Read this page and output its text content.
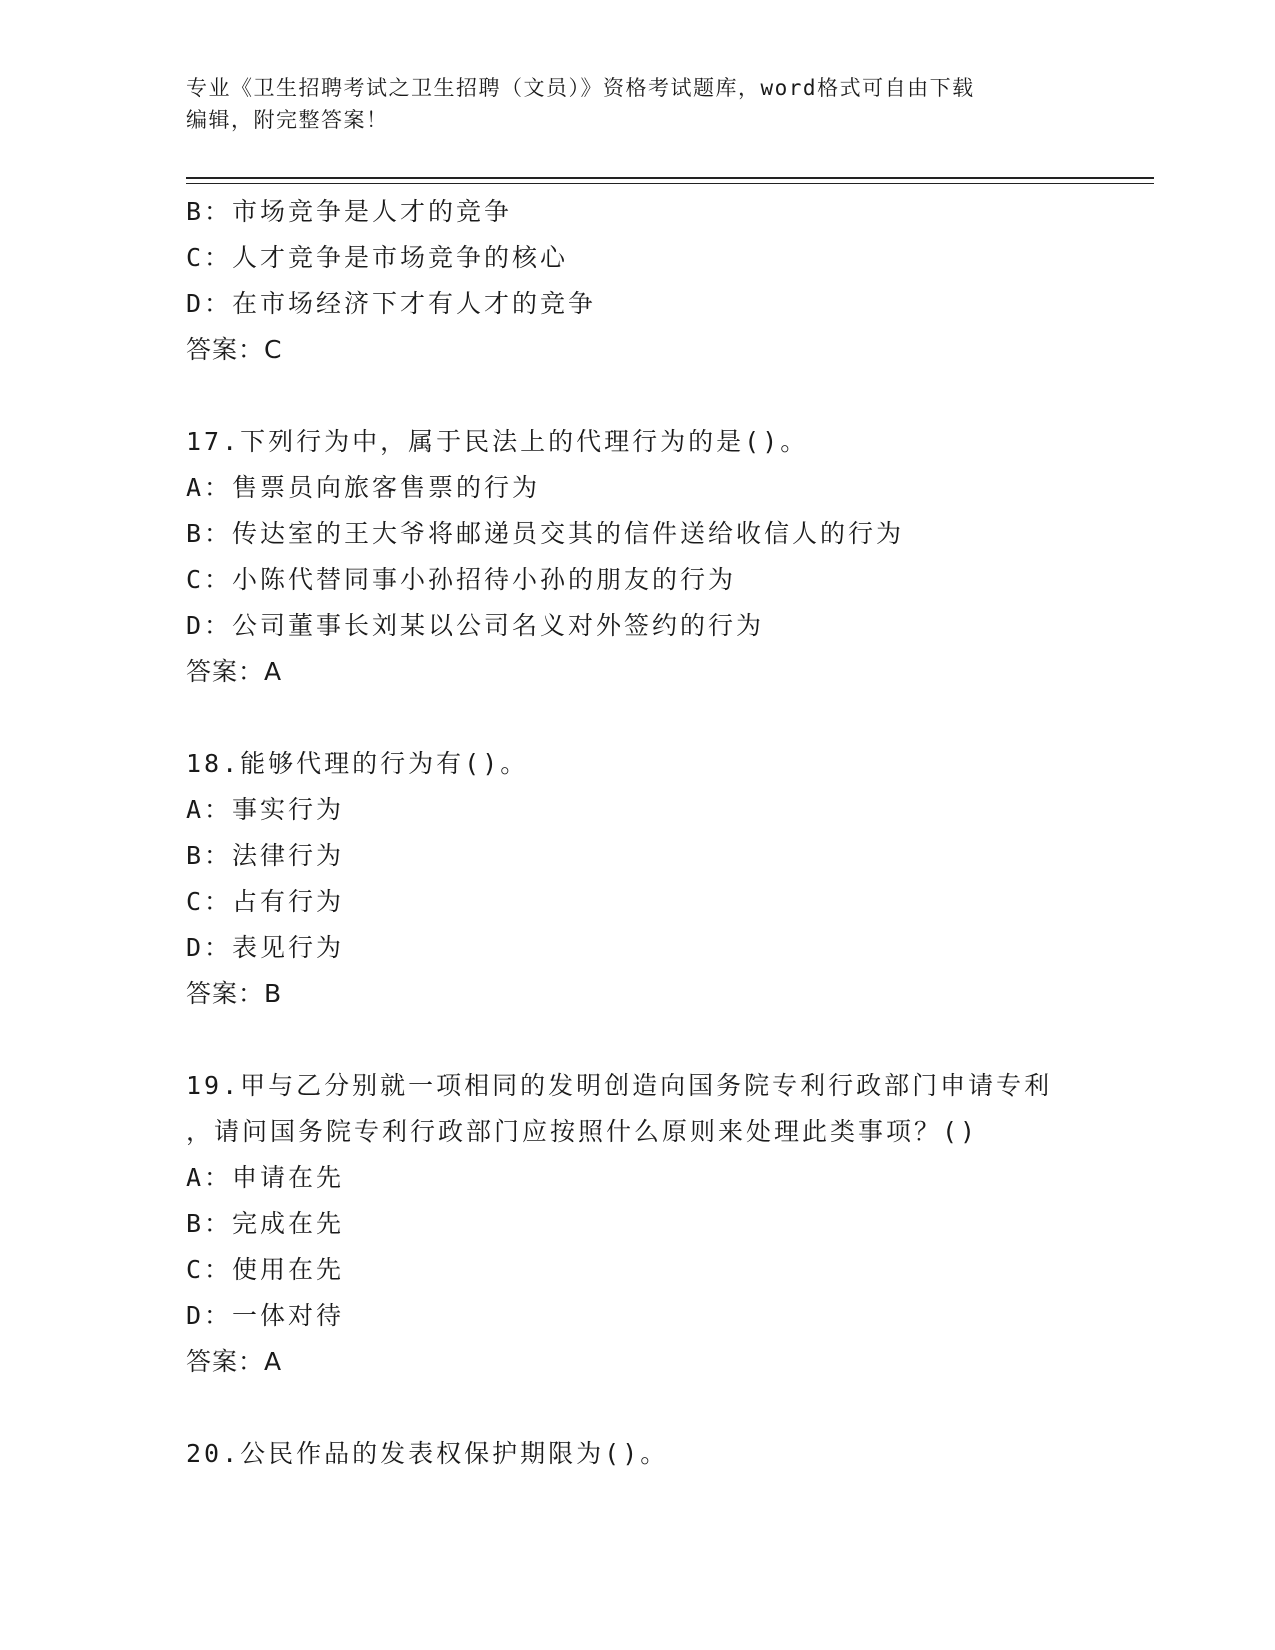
专业《卫生招聘考试之卫生招聘（文员）》资格考试题库，word格式可自由下载
编辑，附完整答案！
B：市场竞争是人才的竞争
C：人才竞争是市场竞争的核心
D：在市场经济下才有人才的竞争
答案：C
17.下列行为中，属于民法上的代理行为的是()。
A：售票员向旅客售票的行为
B：传达室的王大爷将邮递员交其的信件送给收信人的行为
C：小陈代替同事小孙招待小孙的朋友的行为
D：公司董事长刘某以公司名义对外签约的行为
答案：A
18.能够代理的行为有()。
A：事实行为
B：法律行为
C：占有行为
D：表见行为
答案：B
19.甲与乙分别就一项相同的发明创造向国务院专利行政部门申请专利
，请问国务院专利行政部门应按照什么原则来处理此类事项？()
A：申请在先
B：完成在先
C：使用在先
D：一体对待
答案：A
20.公民作品的发表权保护期限为()。
